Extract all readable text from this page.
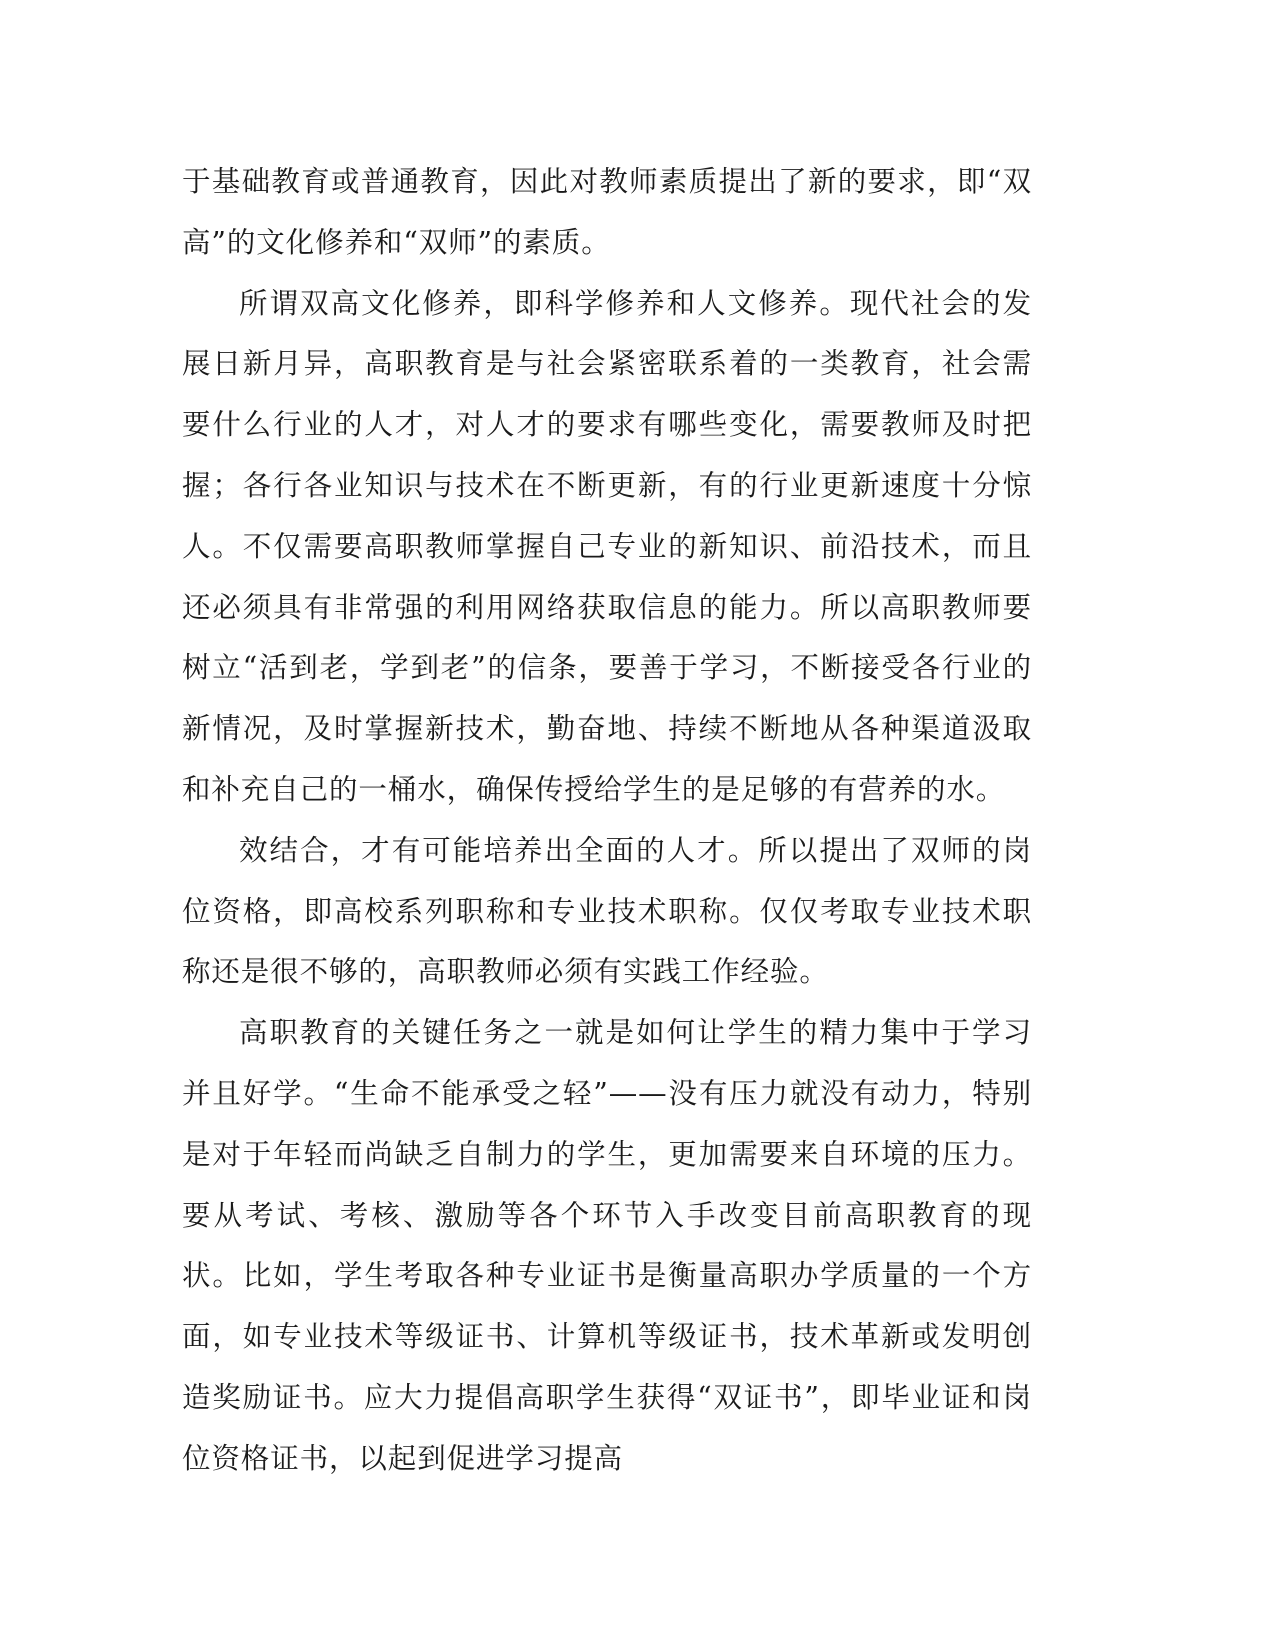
于基础教育或普通教育，因此对教师素质提出了新的要求，即“双高”的文化修养和“双师”的素质。

所谓双高文化修养，即科学修养和人文修养。现代社会的发展日新月异，高职教育是与社会紧密联系着的一类教育，社会需要什么行业的人才，对人才的要求有哪些变化，需要教师及时把握；各行各业知识与技术在不断更新，有的行业更新速度十分惊人。不仅需要高职教师掌握自己专业的新知识、前沿技术，而且还必须具有非常强的利用网络获取信息的能力。所以高职教师要树立“活到老，学到老”的信条，要善于学习，不断接受各行业的新情况，及时掌握新技术，勤奋地、持续不断地从各种渠道汲取和补充自己的一桶水，确保传授给学生的是足够的有营养的水。

效结合，才有可能培养出全面的人才。所以提出了双师的岗位资格，即高校系列职称和专业技术职称。仅仅考取专业技术职称还是很不够的，高职教师必须有实践工作经验。

高职教育的关键任务之一就是如何让学生的精力集中于学习并且好学。“生命不能承受之轻”——没有压力就没有动力，特别是对于年轻而尚缺乏自制力的学生，更加需要来自环境的压力。要从考试、考核、激励等各个环节入手改变目前高职教育的现状。比如，学生考取各种专业证书是衡量高职办学质量的一个方面，如专业技术等级证书、计算机等级证书，技术革新或发明创造奖励证书。应大力提倡高职学生获得“双证书”，即毕业证和岗位资格证书，以起到促进学习提高
